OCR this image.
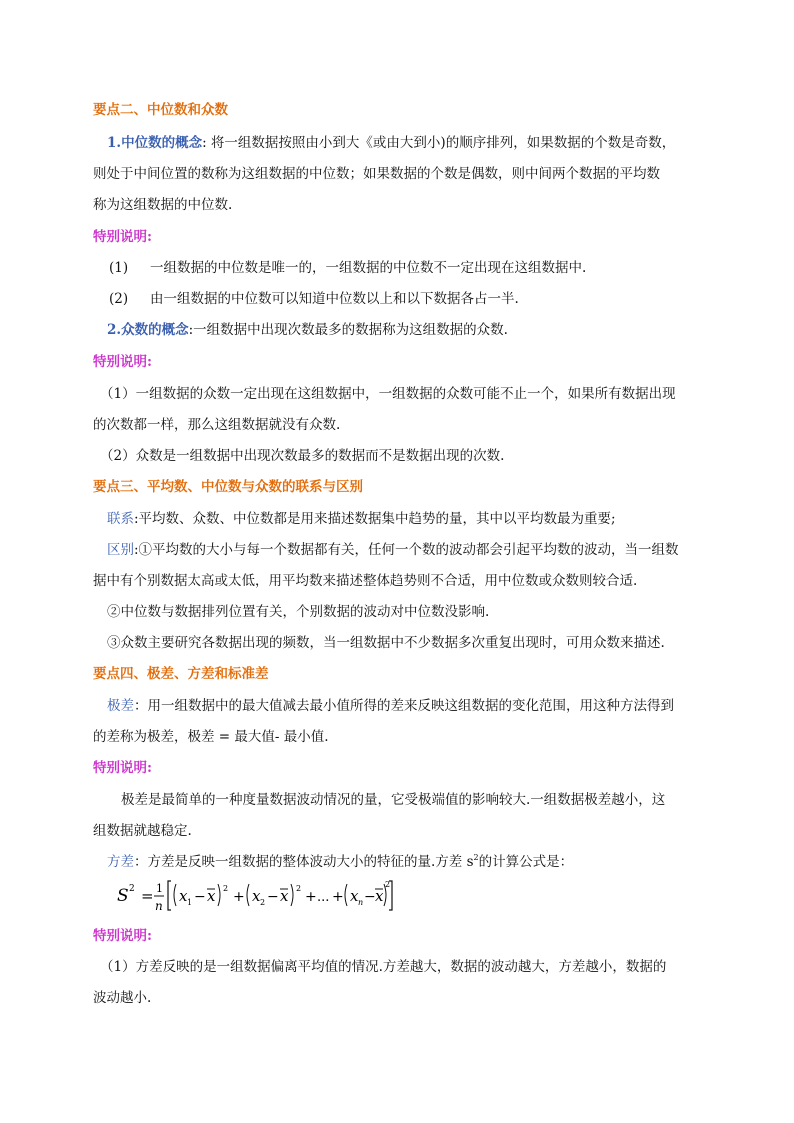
要点二、中位数和众数
1.中位数的概念: 将一组数据按照由小到大《或由大到小)的顺序排列，如果数据的个数是奇数，
则处于中间位置的数称为这组数据的中位数；如果数据的个数是偶数，则中间两个数据的平均数
称为这组数据的中位数.
特别说明:
(1) 一组数据的中位数是唯一的，一组数据的中位数不一定出现在这组数据中.
(2) 由一组数据的中位数可以知道中位数以上和以下数据各占一半.
2.众数的概念:一组数据中出现次数最多的数据称为这组数据的众数.
特别说明:
（1）一组数据的众数一定出现在这组数据中，一组数据的众数可能不止一个，如果所有数据出现
的次数都一样，那么这组数据就没有众数.
（2）众数是一组数据中出现次数最多的数据而不是数据出现的次数.
要点三、平均数、中位数与众数的联系与区别
联系:平均数、众数、中位数都是用来描述数据集中趋势的量，其中以平均数最为重要;
区别:①平均数的大小与每一个数据都有关，任何一个数的波动都会引起平均数的波动，当一组数
据中有个别数据太高或太低，用平均数来描述整体趋势则不合适，用中位数或众数则较合适.
②中位数与数据排列位置有关，个别数据的波动对中位数没影响.
③众数主要研究各数据出现的频数，当一组数据中不少数据多次重复出现时，可用众数来描述.
要点四、极差、方差和标准差
极差：用一组数据中的最大值减去最小值所得的差来反映这组数据的变化范围，用这种方法得到
的差称为极差，极差 = 最大值- 最小值.
特别说明:
极差是最简单的一种度量数据波动情况的量，它受极端值的影响较大.一组数据极差越小，这
组数据就越稳定.
方差：方差是反映一组数据的整体波动大小的特征的量.方差 $s^2$的计算公式是：
S 2 = 1
n
x 1 − x 2
+ x 2 − x 2
+ ... + x n − x
2
特别说明:
（1）方差反映的是一组数据偏离平均值的情况.方差越大，数据的波动越大，方差越小，数据的
波动越小.
